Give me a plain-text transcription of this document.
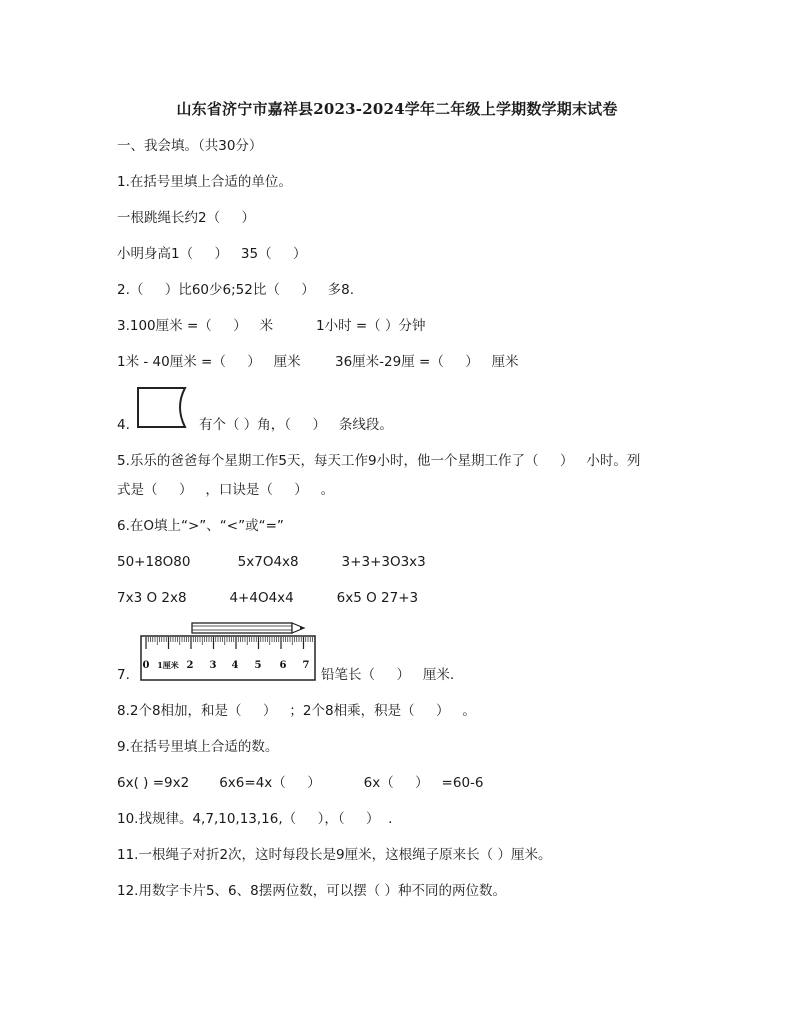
山东省济宁市嘉祥县2023-2024学年二年级上学期数学期末试卷
一、我会填。（共30分）
1.在括号里填上合适的单位。
一根跳绳长约2（     ）
小明身高1（     ）   35（     ）
2.（     ）比60少6;52比（     ）   多8.
3.100厘米 =（     ）   米          1小时 =（ ）分钟
1米 - 40厘米 =（     ）   厘米        36厘米-29厘 =（     ）   厘米
4.	有个（ ）角，（     ）   条线段。
5.乐乐的爸爸每个星期工作5天，每天工作9小时，他一个星期工作了（     ）   小时。列
式是（     ）   ，口诀是（     ）   。
6.在O填上“>”、“<”或“=”
50+18O80           5x7O4x8          3+3+3O3x3
7x3 O 2x8          4+4O4x4          6x5 O 27+3
7.
0 1厘米 2 3 4 5 6 7
铅笔长（     ）   厘米.
8.2个8相加，和是（     ）   ；2个8相乘，积是（     ）   。
9.在括号里填上合适的数。
6x( ) =9x2       6x6=4x（     ）          6x（     ）   =60-6
10.找规律。4,7,10,13,16,（     ），（     ）  .
11.一根绳子对折2次，这时每段长是9厘米，这根绳子原来长（ ）厘米。
12.用数字卡片5、6、8摆两位数，可以摆（ ）种不同的两位数。
